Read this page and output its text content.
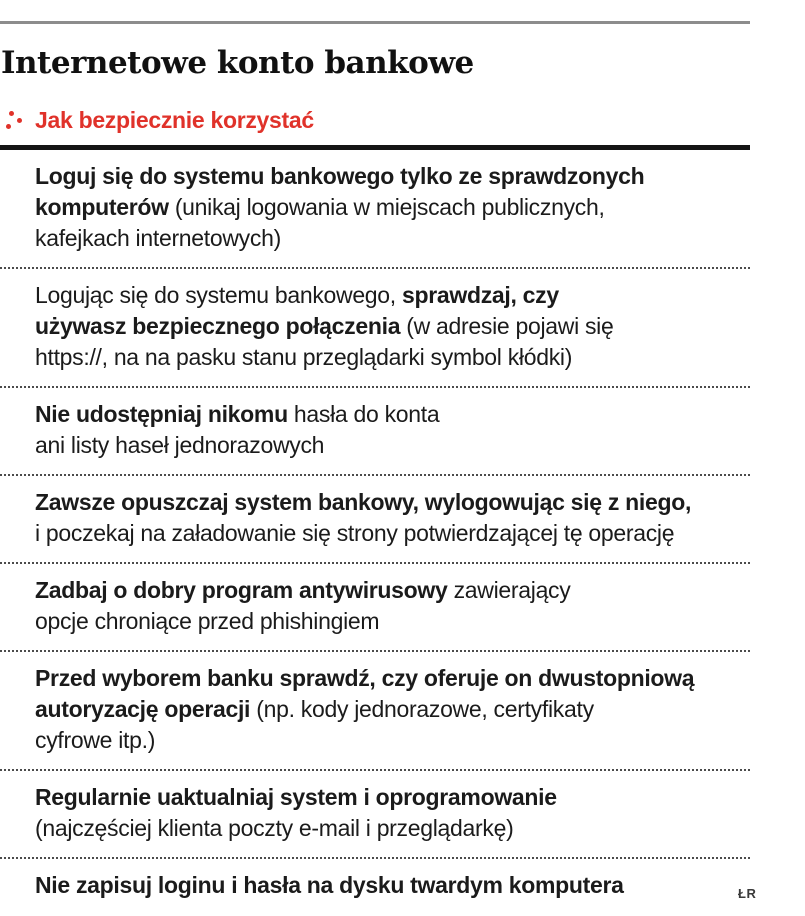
Internetowe konto bankowe
Jak bezpiecznie korzystać
Loguj się do systemu bankowego tylko ze sprawdzonych
komputerów (unikaj logowania w miejscach publicznych,
kafejkach internetowych)
Logując się do systemu bankowego, sprawdzaj, czy
używasz bezpiecznego połączenia (w adresie pojawi się
https://, na na pasku stanu przeglądarki symbol kłódki)
Nie udostępniaj nikomu hasła do konta
ani listy haseł jednorazowych
Zawsze opuszczaj system bankowy, wylogowując się z niego,
i poczekaj na załadowanie się strony potwierdzającej tę operację
Zadbaj o dobry program antywirusowy zawierający
opcje chroniące przed phishingiem
Przed wyborem banku sprawdź, czy oferuje on dwustopniową
autoryzację operacji (np. kody jednorazowe, certyfikaty
cyfrowe itp.)
Regularnie uaktualniaj system i oprogramowanie
(najczęściej klienta poczty e-mail i przeglądarkę)
Nie zapisuj loginu i hasła na dysku twardym komputera	ŁR
